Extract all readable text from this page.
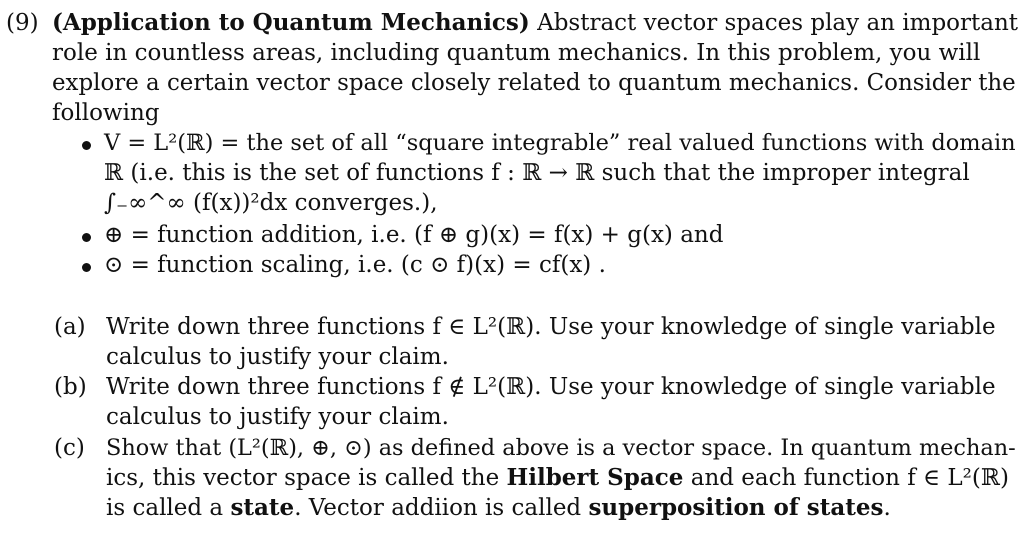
(9) (Application to Quantum Mechanics) Abstract vector spaces play an important
role in countless areas, including quantum mechanics. In this problem, you will
explore a certain vector space closely related to quantum mechanics. Consider the
following
V = L²(ℝ) = the set of all “square integrable” real valued functions with domain
ℝ (i.e. this is the set of functions f : ℝ → ℝ such that the improper integral
∫₋∞^∞ (f(x))²dx converges.),
⊕ = function addition, i.e. (f ⊕ g)(x) = f(x) + g(x) and
⊙ = function scaling, i.e. (c ⊙ f)(x) = cf(x) .
(a) Write down three functions f ∈ L²(ℝ). Use your knowledge of single variable
calculus to justify your claim.
(b) Write down three functions f ∉ L²(ℝ). Use your knowledge of single variable
calculus to justify your claim.
(c) Show that (L²(ℝ), ⊕, ⊙) as defined above is a vector space. In quantum mechan-
ics, this vector space is called the Hilbert Space and each function f ∈ L²(ℝ)
is called a state. Vector addiion is called superposition of states.
